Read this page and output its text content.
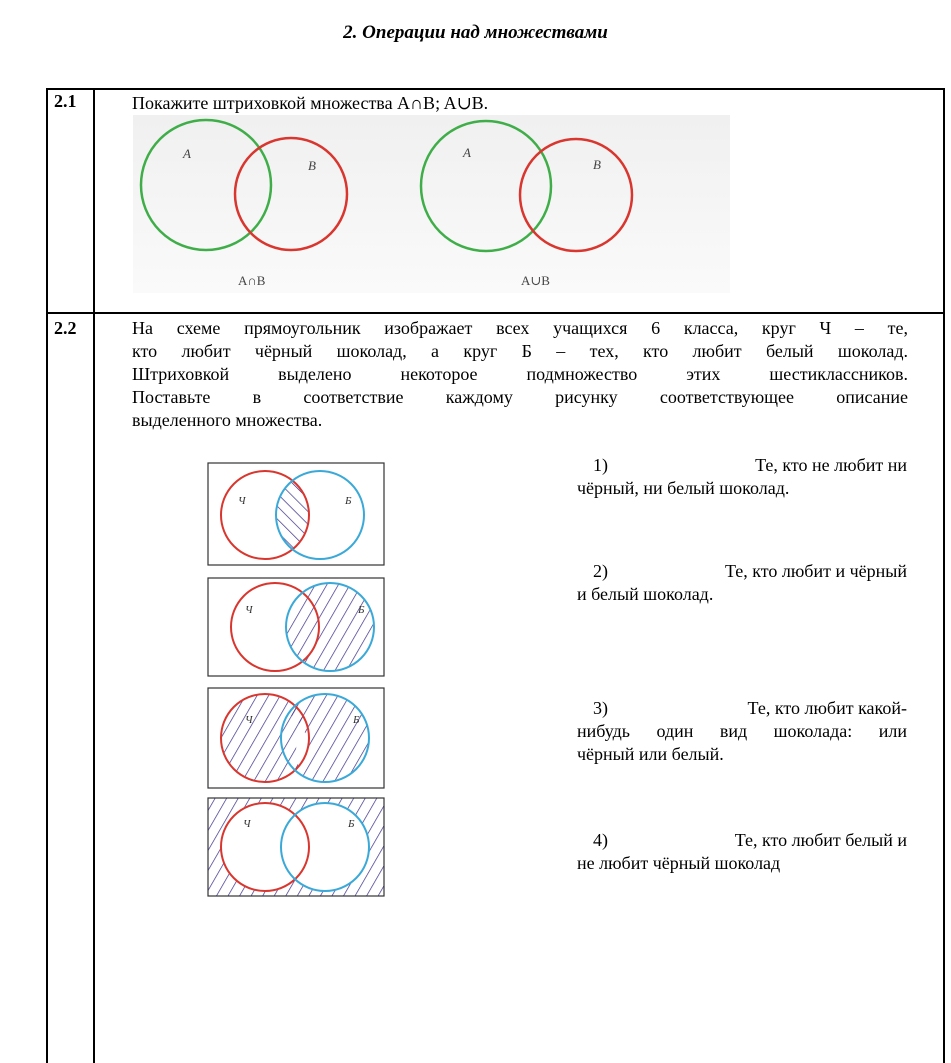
2. Операции над множествами
2.1	Покажите штриховкой множества A∩B; A∪B.
A
B
A∩B
A
B
A∪B
2.2	На схеме прямоугольник изображает всех учащихся 6 класса, круг Ч – те,
кто любит чёрный шоколад, а круг Б – тех, кто любит белый шоколад.
Штриховкой выделено некоторое подмножество этих шестиклассников.
Поставьте в соответствие каждому рисунку соответствующее описание
выделенного множества.
Ч	Б
Ч	Б
Ч	Б
Ч	Б
1)	Те, кто не любит ни
чёрный, ни белый шоколад.
2)	Те, кто любит и чёрный
и белый шоколад.
3)	Те, кто любит какой-
нибудь один вид шоколада: или
чёрный или белый.
4)	Те, кто любит белый и
не любит чёрный шоколад
